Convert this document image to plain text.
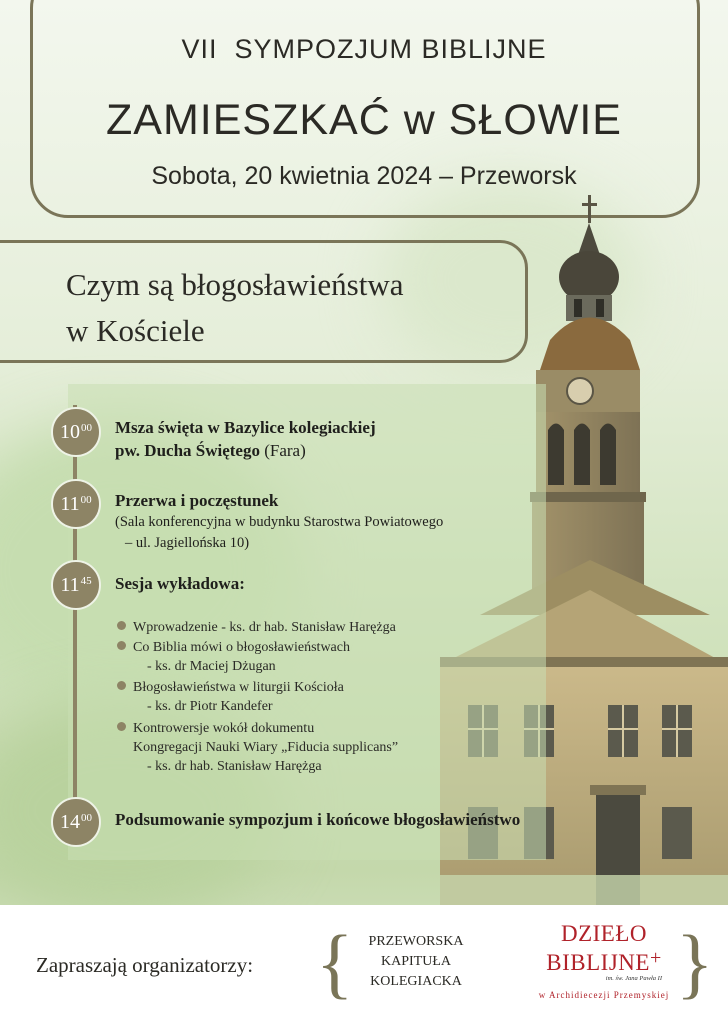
VII  SYMPOZJUM BIBLIJNE
ZAMIESZKAĆ w SŁOWIE
Sobota, 20 kwietnia 2024 – Przeworsk
Czym są błogosławieństwa
w Kościele
$10^{00}$ Msza święta w Bazylice kolegiackiej
pw. Ducha Świętego (Fara)
$11^{00}$ Przerwa i poczęstunek
(Sala konferencyjna w budynku Starostwa Powiatowego
– ul. Jagiellońska 10)
$11^{45}$ Sesja wykładowa:
Wprowadzenie - ks. dr hab. Stanisław Harężga
Co Biblia mówi o błogosławieństwach
- ks. dr Maciej Dżugan
Błogosławieństwa w liturgii Kościoła
- ks. dr Piotr Kandefer
Kontrowersje wokół dokumentu
Kongregacji Nauki Wiary „Fiducia supplicans”
- ks. dr hab. Stanisław Harężga
$14^{00}$ Podsumowanie sympozjum i końcowe błogosławieństwo
Zapraszają organizatorzy: {	PRZEWORSKA
KAPITUŁA
KOLEGIACKA
DZIEŁO
BIBLIJNE+
im. św. Jana Pawła II
w Archidiecezji Przemyskiej }
